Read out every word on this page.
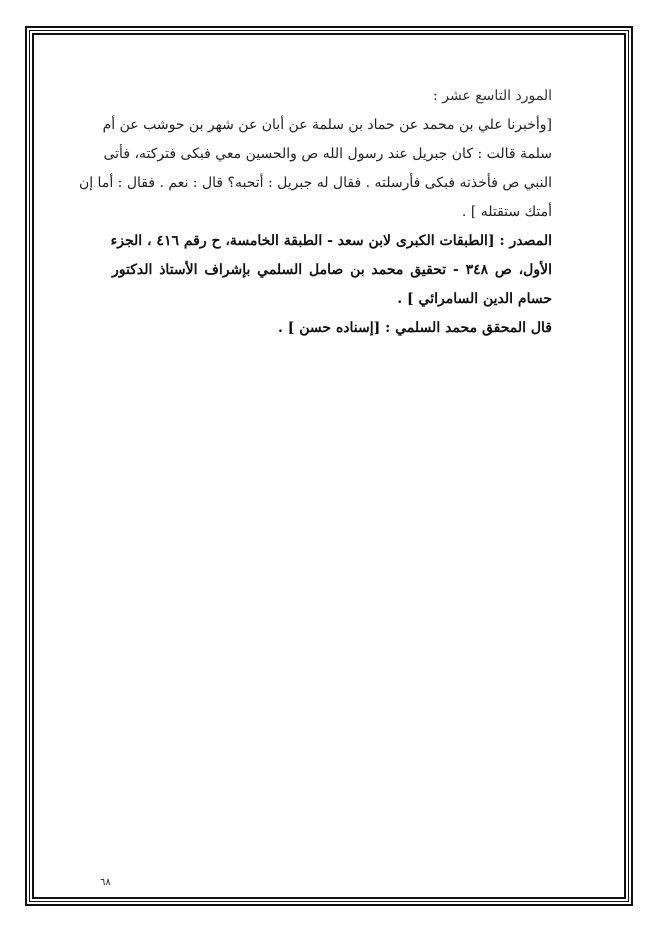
المورد التاسع عشر :
[وأخبرنا علي بن محمد عن حماد بن سلمة عن أبان عن شهر بن حوشب عن أم
سلمة قالت : كان جبريل عند رسول الله ص والحسين معي فبكى فتركته، فأتى
النبي ص فأخذته فبكى فأرسلته . فقال له جبريل : أتحبه؟ قال : نعم . فقال : أما إن
أمتك ستقتله ] .
المصدر : [الطبقات الكبرى لابن سعد - الطبقة الخامسة، ح رقم ٤١٦ ، الجزء
الأول، ص ٣٤٨ - تحقيق محمد بن صامل السلمي بإشراف الأستاذ الدكتور
حسام الدين السامرائي ] .
قال المحقق محمد السلمي : [إسناده حسن ] .
٦٨
